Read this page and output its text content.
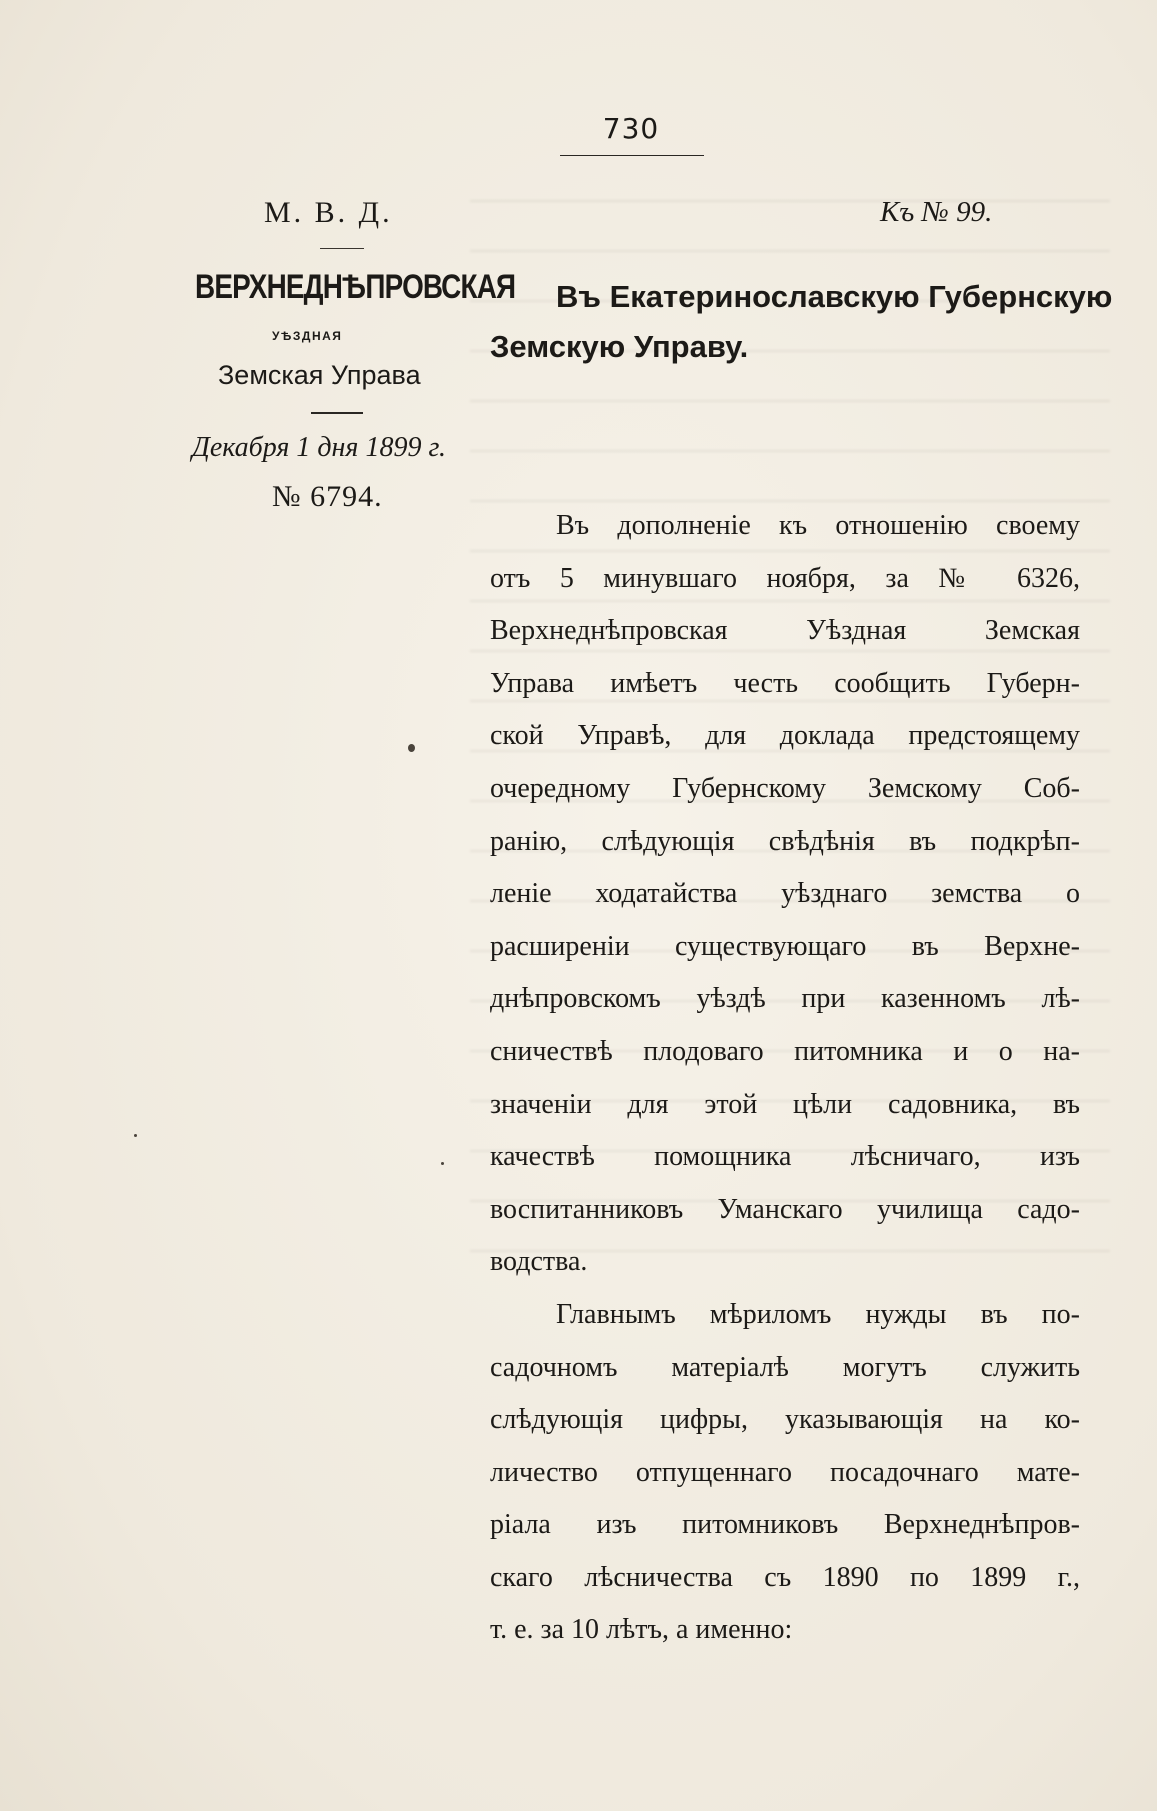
730
М. В. Д.	Къ № 99.
ВЕРХНЕДНѢПРОВСКАЯ
УѢЗДНАЯ
Земская Управа
Декабря 1 дня 1899 г.
№ 6794.
Въ Екатеринославскую Губернскую
Земскую Управу.
Въ дополненіе къ отношенію своему
отъ 5 минувшаго ноября, за № 6326,
Верхнеднѣпровская Уѣздная Земская
Управа имѣетъ честь сообщить Губерн-
ской Управѣ, для доклада предстоящему
очередному Губернскому Земскому Соб-
ранію, слѣдующія свѣдѣнія въ подкрѣп-
леніе ходатайства уѣзднаго земства о
расширеніи существующаго въ Верхне-
днѣпровскомъ уѣздѣ при казенномъ лѣ-
сничествѣ плодоваго питомника и о на-
значеніи для этой цѣли садовника, въ
качествѣ помощника лѣсничаго, изъ
воспитанниковъ Уманскаго училища садо-
водства.
Главнымъ мѣриломъ нужды въ по-
садочномъ матеріалѣ могутъ служить
слѣдующія цифры, указывающія на ко-
личество отпущеннаго посадочнаго мате-
ріала изъ питомниковъ Верхнеднѣпров-
скаго лѣсничества съ 1890 по 1899 г.,
т. е. за 10 лѣтъ, а именно:
